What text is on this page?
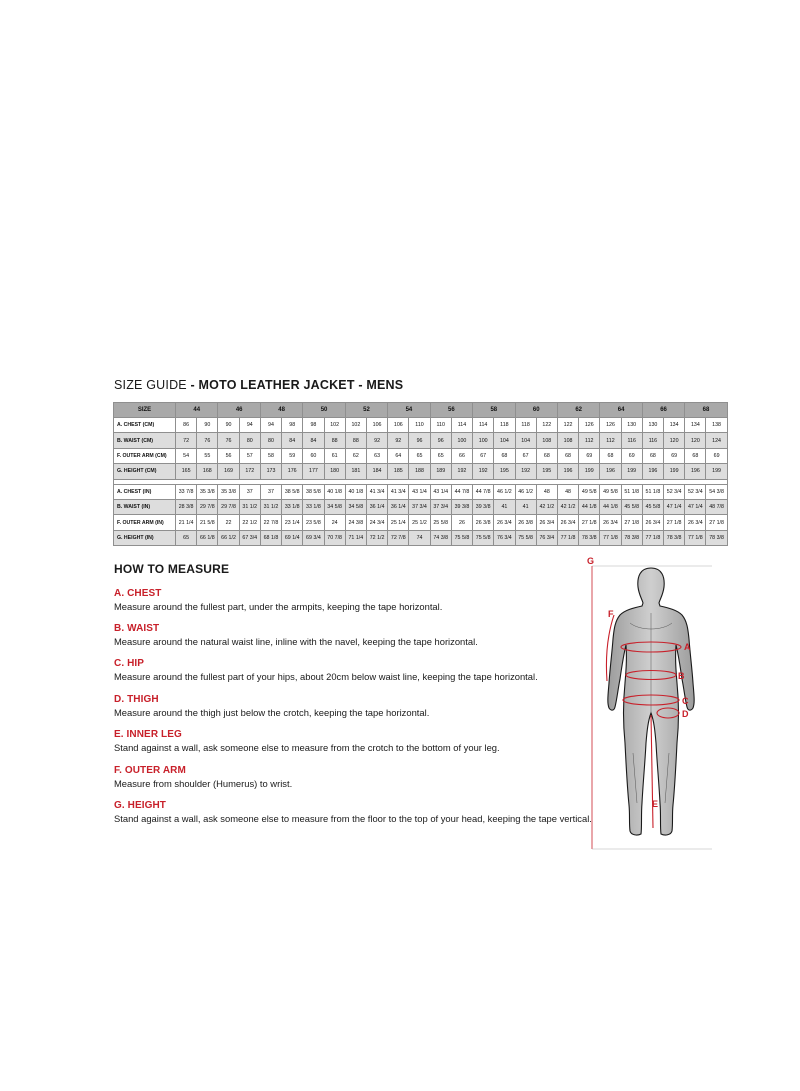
SIZE GUIDE - MOTO LEATHER JACKET - MENS
SIZE	44		46		48		50		52		54		56		58		60		62		64		66		68	
A. CHEST (CM)	86	90	90	94	94	98	98	102	102	106	106	110	110	114	114	118	118	122	122	126	126	130	130	134	134	138
B. WAIST (CM)	72	76	76	80	80	84	84	88	88	92	92	96	96	100	100	104	104	108	108	112	112	116	116	120	120	124
F. OUTER ARM (CM)	54	55	56	57	58	59	60	61	62	63	64	65	65	66	67	68	67	68	68	69	68	69	68	69	68	69
G. HEIGHT (CM)	165	168	169	172	173	176	177	180	181	184	185	188	189	192	192	195	192	195	196	199	196	199	196	199	196	199

A. CHEST (IN)	33 7/8	35 3/8	35 3/8	37	37	38 5/8	38 5/8	40 1/8	40 1/8	41 3/4	41 3/4	43 1/4	43 1/4	44 7/8	44 7/8	46 1/2	46 1/2	48	48	49 5/8	49 5/8	51 1/8	51 1/8	52 3/4	52 3/4	54 3/8
B. WAIST (IN)	28 3/8	29 7/8	29 7/8	31 1/2	31 1/2	33 1/8	33 1/8	34 5/8	34 5/8	36 1/4	36 1/4	37 3/4	37 3/4	39 3/8	39 3/8	41	41	42 1/2	42 1/2	44 1/8	44 1/8	45 5/8	45 5/8	47 1/4	47 1/4	48 7/8
F. OUTER ARM (IN)	21 1/4	21 5/8	22	22 1/2	22 7/8	23 1/4	23 5/8	24	24 3/8	24 3/4	25 1/4	25 1/2	25 5/8	26	26 3/8	26 3/4	26 3/8	26 3/4	26 3/4	27 1/8	26 3/4	27 1/8	26 3/4	27 1/8	26 3/4	27 1/8
G. HEIGHT (IN)	65	66 1/8	66 1/2	67 3/4	68 1/8	69 1/4	69 3/4	70 7/8	71 1/4	72 1/2	72 7/8	74	74 3/8	75 5/8	75 5/8	76 3/4	75 5/8	76 3/4	77 1/8	78 3/8	77 1/8	78 3/8	77 1/8	78 3/8	77 1/8	78 3/8
HOW TO MEASURE
A. CHEST
Measure around the fullest part, under the armpits, keeping the tape horizontal.
B. WAIST
Measure around the natural waist line, inline with the navel, keeping the tape horizontal.
C. HIP
Measure around the fullest part of your hips, about 20cm below waist line, keeping the tape horizontal.
D. THIGH
Measure around the thigh just below the crotch, keeping the tape horizontal.
E. INNER LEG
Stand against a wall, ask someone else to measure from the crotch to the bottom of your leg.
F. OUTER ARM
Measure from shoulder (Humerus) to wrist.
G. HEIGHT
Stand against a wall, ask someone else to measure from the floor to the top of your head, keeping the tape vertical.
G
F
A
B
C
D
E
